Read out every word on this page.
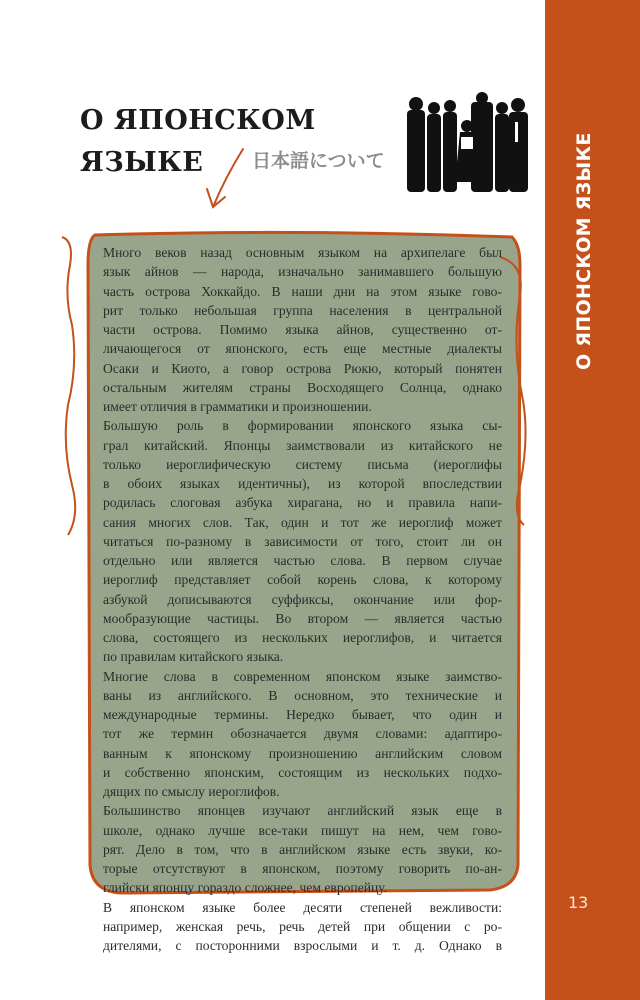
О ЯПОНСКОМ ЯЗЫКЕ
13
О ЯПОНСКОМ
ЯЗЫКЕ	日本語について
Много веков назад основным языком на архипелаге был
язык айнов — народа, изначально занимавшего большую
часть острова Хоккайдо. В наши дни на этом языке гово-
рит только небольшая группа населения в центральной
части острова. Помимо языка айнов, существенно от-
личающегося от японского, есть еще местные диалекты
Осаки и Киото, а говор острова Рюкю, который понятен
остальным жителям страны Восходящего Солнца, однако
имеет отличия в грамматики и произношении.
Большую роль в формировании японского языка сы-
грал китайский. Японцы заимствовали из китайского не
только иероглифическую систему письма (иероглифы
в обоих языках идентичны), из которой впоследствии
родилась слоговая азбука хирагана, но и правила напи-
сания многих слов. Так, один и тот же иероглиф может
читаться по-разному в зависимости от того, стоит ли он
отдельно или является частью слова. В первом случае
иероглиф представляет собой корень слова, к которому
азбукой дописываются суффиксы, окончание или фор-
мообразующие частицы. Во втором — является частью
слова, состоящего из нескольких иероглифов, и читается
по правилам китайского языка.
Многие слова в современном японском языке заимство-
ваны из английского. В основном, это технические и
международные термины. Нередко бывает, что один и
тот же термин обозначается двумя словами: адаптиро-
ванным к японскому произношению английским словом
и собственно японским, состоящим из нескольких подхо-
дящих по смыслу иероглифов.
Большинство японцев изучают английский язык еще в
школе, однако лучше все-таки пишут на нем, чем гово-
рят. Дело в том, что в английском языке есть звуки, ко-
торые отсутствуют в японском, поэтому говорить по-ан-
глийски японцу гораздо сложнее, чем европейцу.
В японском языке более десяти степеней вежливости:
например, женская речь, речь детей при общении с ро-
дителями, с посторонними взрослыми и т. д. Однако в
